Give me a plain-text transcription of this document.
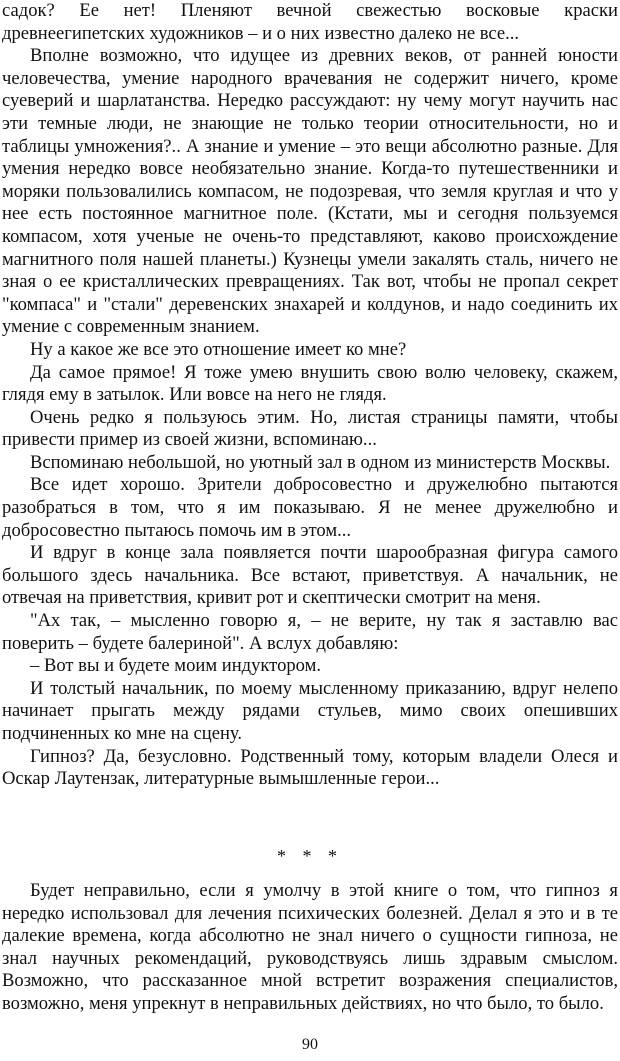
садок? Ее нет! Пленяют вечной свежестью восковые краски древнеегипетских художников – и о них известно далеко не все...

Вполне возможно, что идущее из древних веков, от ранней юности человечества, умение народного врачевания не содержит ничего, кроме суеверий и шарлатанства. Нередко рассуждают: ну чему могут научить нас эти темные люди, не знающие не только теории относительности, но и таблицы умножения?.. А знание и умение – это вещи абсолютно разные. Для умения нередко вовсе необязательно знание. Когда-то путешественники и моряки пользовалились компасом, не подозревая, что земля круглая и что у нее есть постоянное магнитное поле. (Кстати, мы и сегодня пользуемся компасом, хотя ученые не очень-то представляют, каково происхождение магнитного поля нашей планеты.) Кузнецы умели закалять сталь, ничего не зная о ее кристаллических превращениях. Так вот, чтобы не пропал секрет "компаса" и "стали" деревенских знахарей и колдунов, и надо соединить их умение с современным знанием.

Ну а какое же все это отношение имеет ко мне?

Да самое прямое! Я тоже умею внушить свою волю человеку, скажем, глядя ему в затылок. Или вовсе на него не глядя.

Очень редко я пользуюсь этим. Но, листая страницы памяти, чтобы привести пример из своей жизни, вспоминаю...

Вспоминаю небольшой, но уютный зал в одном из министерств Москвы.

Все идет хорошо. Зрители добросовестно и дружелюбно пытаются разобраться в том, что я им показываю. Я не менее дружелюбно и добросовестно пытаюсь помочь им в этом...

И вдруг в конце зала появляется почти шарообразная фигура самого большого здесь начальника. Все встают, приветствуя. А начальник, не отвечая на приветствия, кривит рот и скептически смотрит на меня.

"Ах так, – мысленно говорю я, – не верите, ну так я заставлю вас поверить – будете балериной". А вслух добавляю:

– Вот вы и будете моим индуктором.

И толстый начальник, по моему мысленному приказанию, вдруг нелепо начинает прыгать между рядами стульев, мимо своих опешивших подчиненных ко мне на сцену.

Гипноз? Да, безусловно. Родственный тому, которым владели Олеся и Оскар Лаутензак, литературные вымышленные герои...

* * *

Будет неправильно, если я умолчу в этой книге о том, что гипноз я нередко использовал для лечения психических болезней. Делал я это и в те далекие времена, когда абсолютно не знал ничего о сущности гипноза, не знал научных рекомендаций, руководствуясь лишь здравым смыслом. Возможно, что рассказанное мной встретит возражения специалистов, возможно, меня упрекнут в неправильных действиях, но что было, то было.

90
